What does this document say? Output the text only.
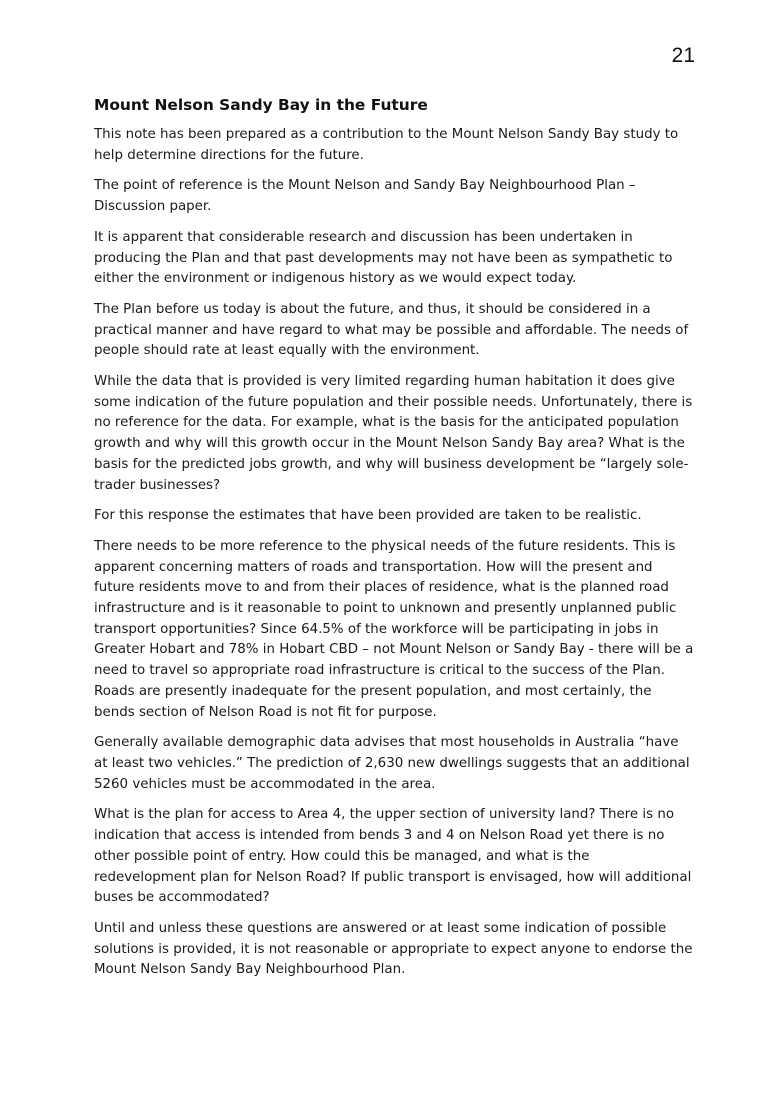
21
Mount Nelson Sandy Bay in the Future

This note has been prepared as a contribution to the Mount Nelson Sandy Bay study to help determine directions for the future.

The point of reference is the Mount Nelson and Sandy Bay Neighbourhood Plan – Discussion paper.

It is apparent that considerable research and discussion has been undertaken in producing the Plan and that past developments may not have been as sympathetic to either the environment or indigenous history as we would expect today.

The Plan before us today is about the future, and thus, it should be considered in a practical manner and have regard to what may be possible and affordable. The needs of people should rate at least equally with the environment.

While the data that is provided is very limited regarding human habitation it does give some indication of the future population and their possible needs. Unfortunately, there is no reference for the data. For example, what is the basis for the anticipated population growth and why will this growth occur in the Mount Nelson Sandy Bay area? What is the basis for the predicted jobs growth, and why will business development be “largely sole-trader businesses?

For this response the estimates that have been provided are taken to be realistic.

There needs to be more reference to the physical needs of the future residents. This is apparent concerning matters of roads and transportation. How will the present and future residents move to and from their places of residence, what is the planned road infrastructure and is it reasonable to point to unknown and presently unplanned public transport opportunities? Since 64.5% of the workforce will be participating in jobs in Greater Hobart and 78% in Hobart CBD – not Mount Nelson or Sandy Bay - there will be a need to travel so appropriate road infrastructure is critical to the success of the Plan. Roads are presently inadequate for the present population, and most certainly, the bends section of Nelson Road is not fit for purpose.

Generally available demographic data advises that most households in Australia “have at least two vehicles.” The prediction of 2,630 new dwellings suggests that an additional 5260 vehicles must be accommodated in the area.

What is the plan for access to Area 4, the upper section of university land? There is no indication that access is intended from bends 3 and 4 on Nelson Road yet there is no other possible point of entry. How could this be managed, and what is the redevelopment plan for Nelson Road? If public transport is envisaged, how will additional buses be accommodated?

Until and unless these questions are answered or at least some indication of possible solutions is provided, it is not reasonable or appropriate to expect anyone to endorse the Mount Nelson Sandy Bay Neighbourhood Plan.
